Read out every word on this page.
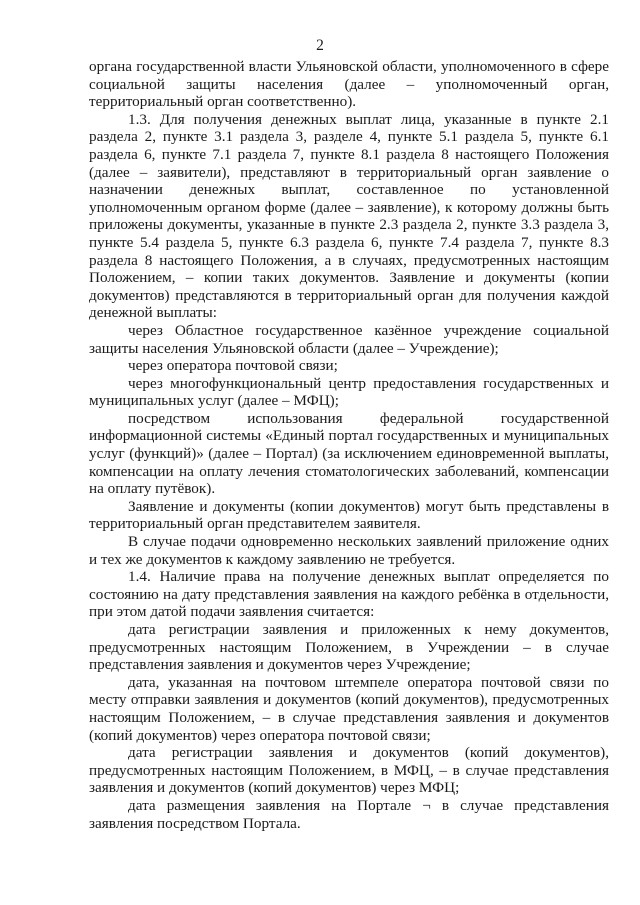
2

органа государственной власти Ульяновской области, уполномоченного в сфере социальной защиты населения (далее – уполномоченный орган, территориальный орган соответственно).

1.3. Для получения денежных выплат лица, указанные в пункте 2.1 раздела 2, пункте 3.1 раздела 3, разделе 4, пункте 5.1 раздела 5, пункте 6.1 раздела 6, пункте 7.1 раздела 7, пункте 8.1 раздела 8 настоящего Положения (далее – заявители), представляют в территориальный орган заявление о назначении денежных выплат, составленное по установленной уполномоченным органом форме (далее – заявление), к которому должны быть приложены документы, указанные в пункте 2.3 раздела 2, пункте 3.3 раздела 3, пункте 5.4 раздела 5, пункте 6.3 раздела 6, пункте 7.4 раздела 7, пункте 8.3 раздела 8 настоящего Положения, а в случаях, предусмотренных настоящим Положением, – копии таких документов. Заявление и документы (копии документов) представляются в территориальный орган для получения каждой денежной выплаты:

через Областное государственное казённое учреждение социальной защиты населения Ульяновской области (далее – Учреждение);

через оператора почтовой связи;

через многофункциональный центр предоставления государственных и муниципальных услуг (далее – МФЦ);

посредством использования федеральной государственной информационной системы «Единый портал государственных и муниципальных услуг (функций)» (далее – Портал) (за исключением единовременной выплаты, компенсации на оплату лечения стоматологических заболеваний, компенсации на оплату путёвок).

Заявление и документы (копии документов) могут быть представлены в территориальный орган представителем заявителя.

В случае подачи одновременно нескольких заявлений приложение одних и тех же документов к каждому заявлению не требуется.

1.4. Наличие права на получение денежных выплат определяется по состоянию на дату представления заявления на каждого ребёнка в отдельности, при этом датой подачи заявления считается:

дата регистрации заявления и приложенных к нему документов, предусмотренных настоящим Положением, в Учреждении – в случае представления заявления и документов через Учреждение;

дата, указанная на почтовом штемпеле оператора почтовой связи по месту отправки заявления и документов (копий документов), предусмотренных настоящим Положением, – в случае представления заявления и документов (копий документов) через оператора почтовой связи;

дата регистрации заявления и документов (копий документов), предусмотренных настоящим Положением, в МФЦ, – в случае представления заявления и документов (копий документов) через МФЦ;

дата размещения заявления на Портале ¬ в случае представления заявления посредством Портала.
